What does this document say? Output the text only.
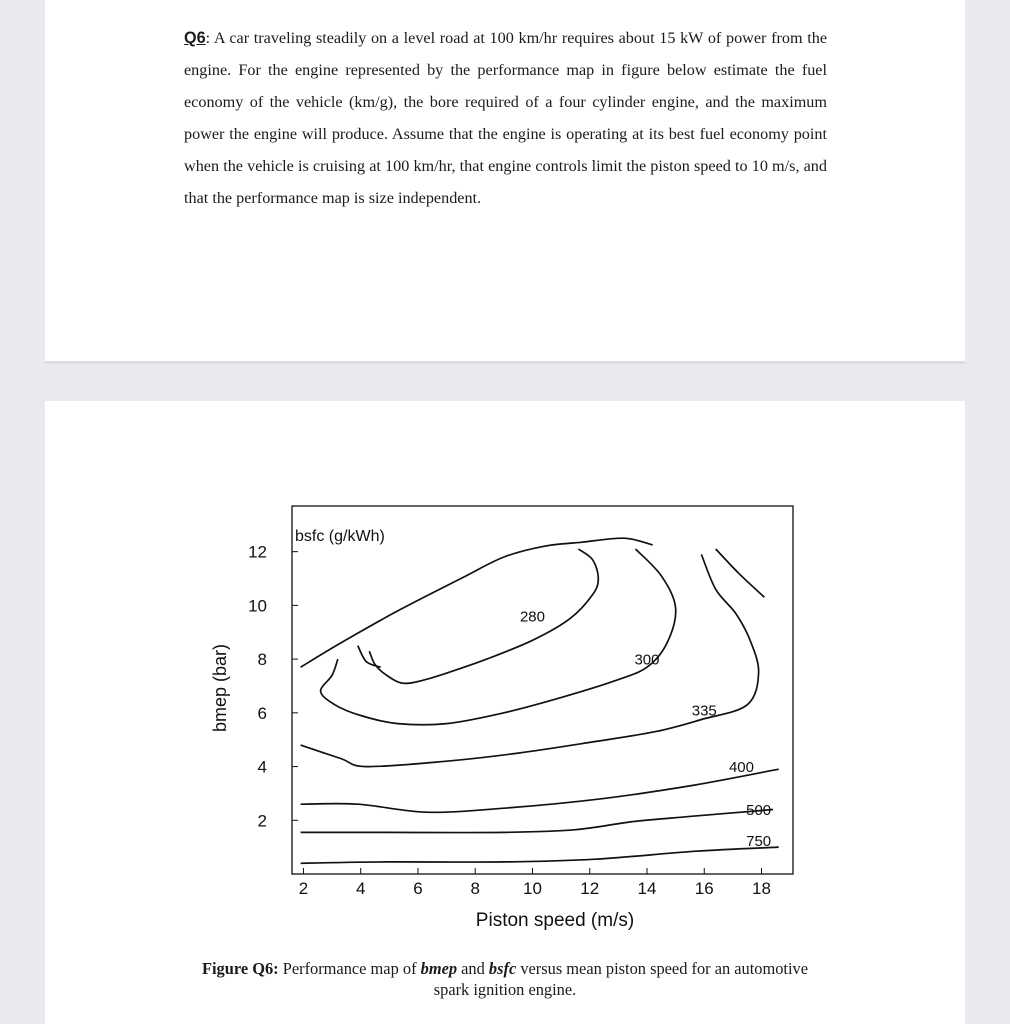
Q6: A car traveling steadily on a level road at 100 km/hr requires about 15 kW of power from the engine. For the engine represented by the performance map in figure below estimate the fuel economy of the vehicle (km/g), the bore required of a four cylinder engine, and the maximum power the engine will produce. Assume that the engine is operating at its best fuel economy point when the vehicle is cruising at 100 km/hr, that engine controls limit the piston speed to 10 m/s, and that the performance map is size independent.

2	4	6	8	10 12 14 16 18
2
4
6
8
10
12
280
300
335
400
500
750
bsfc (g/kWh)
Piston speed (m/s)
bmep (bar)
Figure Q6: Performance map of bmep and bsfc versus mean piston speed for an automotive spark ignition engine.
